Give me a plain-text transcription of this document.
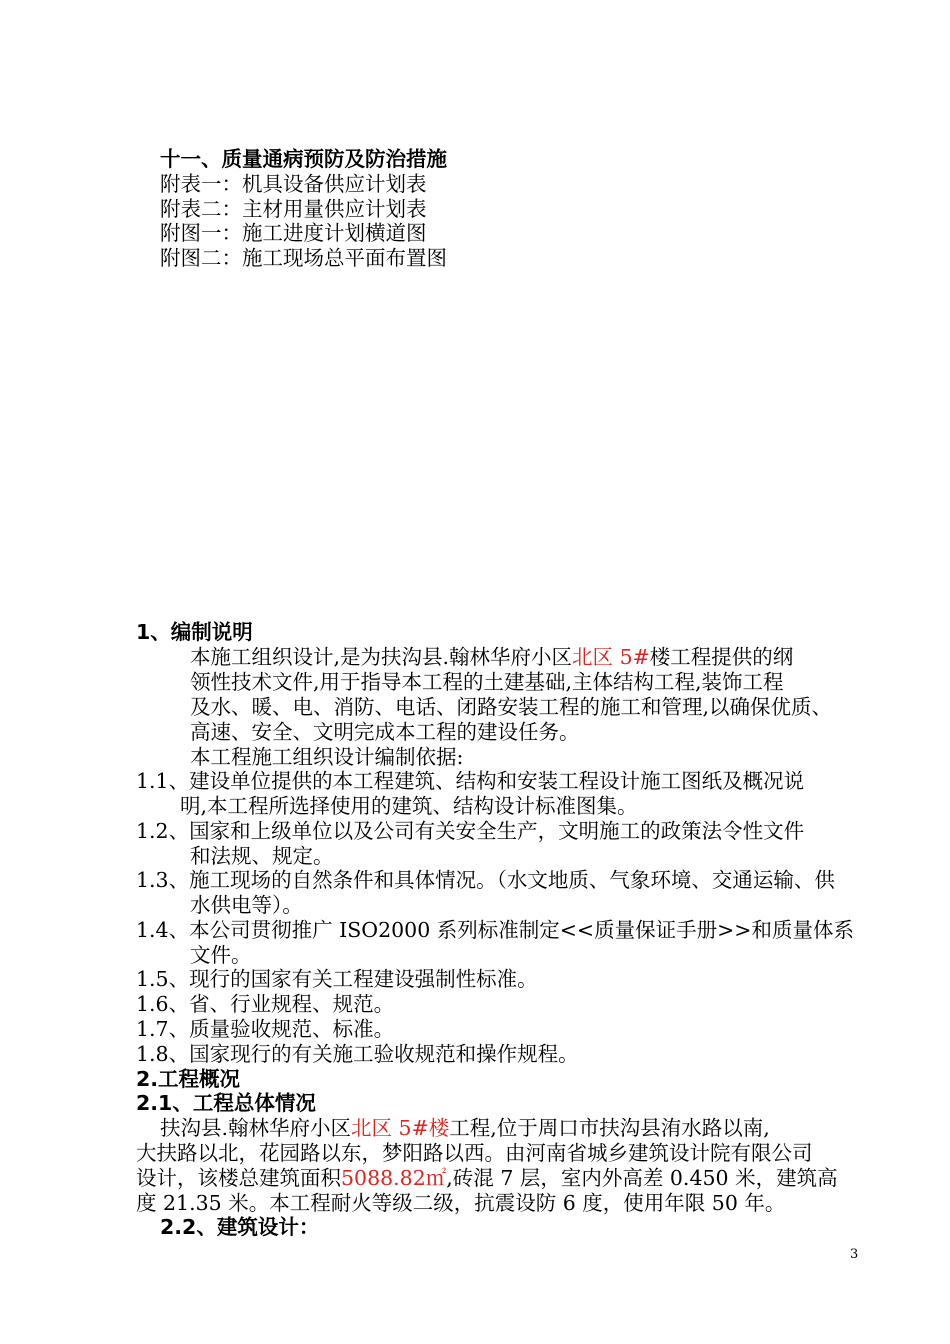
十一、质量通病预防及防治措施
附表一：机具设备供应计划表
附表二：主材用量供应计划表
附图一：施工进度计划横道图
附图二：施工现场总平面布置图
1、编制说明
本施工组织设计,是为扶沟县.翰林华府小区北区 5#楼工程提供的纲
领性技术文件,用于指导本工程的土建基础,主体结构工程,装饰工程
及水、暖、电、消防、电话、闭路安装工程的施工和管理,以确保优质、
高速、安全、文明完成本工程的建设任务。
本工程施工组织设计编制依据:
1.1、建设单位提供的本工程建筑、结构和安装工程设计施工图纸及概况说
明,本工程所选择使用的建筑、结构设计标准图集。
1.2、国家和上级单位以及公司有关安全生产，文明施工的政策法令性文件
和法规、规定。
1.3、施工现场的自然条件和具体情况。（水文地质、气象环境、交通运输、供
水供电等）。
1.4、本公司贯彻推广 ISO2000 系列标准制定<<质量保证手册>>和质量体系
文件。
1.5、现行的国家有关工程建设强制性标准。
1.6、省、行业规程、规范。
1.7、质量验收规范、标准。
1.8、国家现行的有关施工验收规范和操作规程。
2.工程概况
2.1、工程总体情况
扶沟县.翰林华府小区北区 5#楼工程,位于周口市扶沟县洧水路以南,
大扶路以北，花园路以东，梦阳路以西。由河南省城乡建筑设计院有限公司
设计，该楼总建筑面积5088.82㎡,砖混 7 层，室内外高差 0.450 米，建筑高
度 21.35 米。本工程耐火等级二级，抗震设防 6 度，使用年限 50 年。
2.2、建筑设计：
3
